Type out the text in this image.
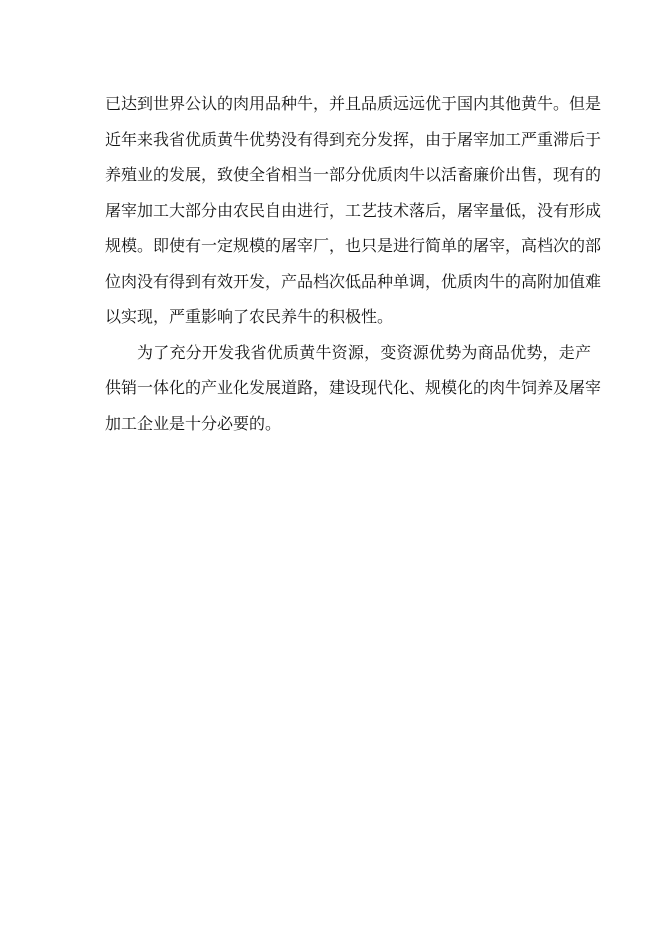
已达到世界公认的肉用品种牛，并且品质远远优于国内其他黄牛。但是
近年来我省优质黄牛优势没有得到充分发挥，由于屠宰加工严重滞后于
养殖业的发展，致使全省相当一部分优质肉牛以活畜廉价出售，现有的
屠宰加工大部分由农民自由进行，工艺技术落后，屠宰量低，没有形成
规模。即使有一定规模的屠宰厂，也只是进行简单的屠宰，高档次的部
位肉没有得到有效开发，产品档次低品种单调，优质肉牛的高附加值难
以实现，严重影响了农民养牛的积极性。
为了充分开发我省优质黄牛资源，变资源优势为商品优势，走产
供销一体化的产业化发展道路，建设现代化、规模化的肉牛饲养及屠宰
加工企业是十分必要的。
